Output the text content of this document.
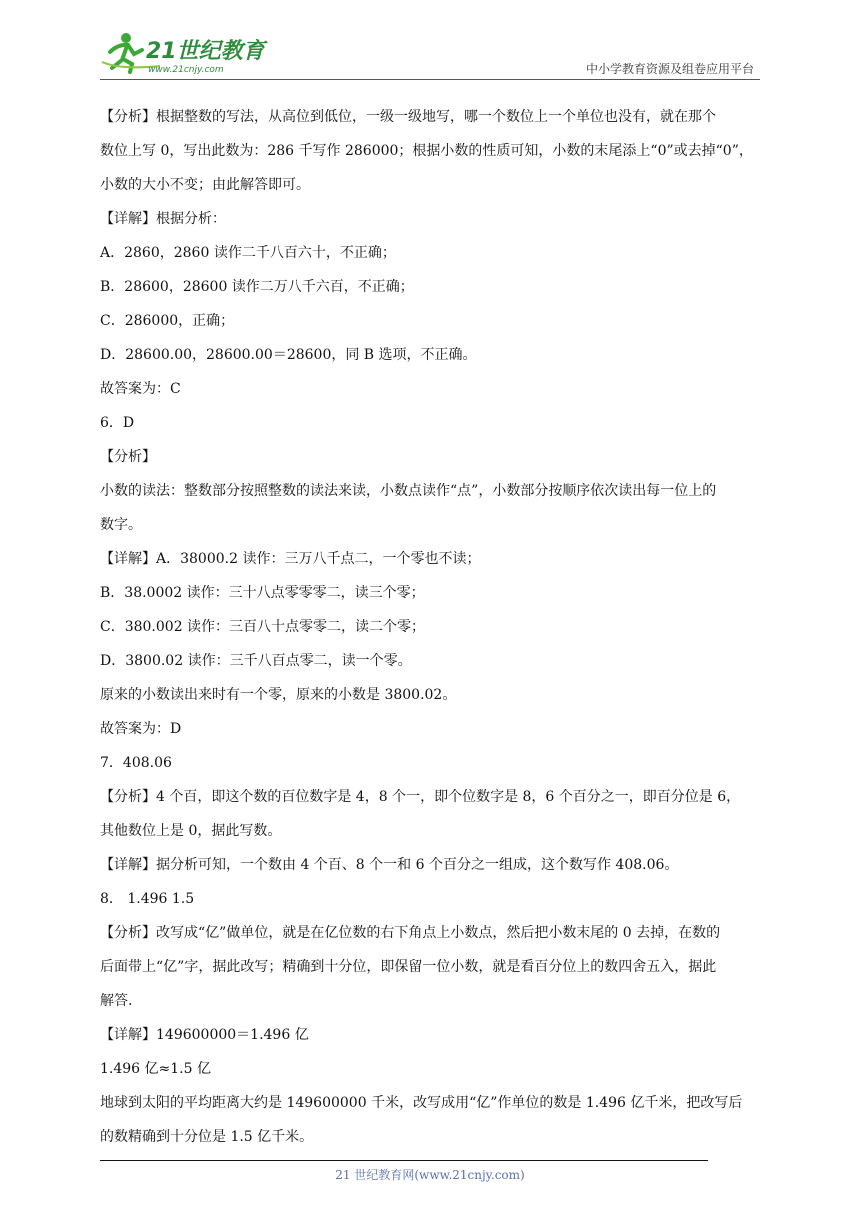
21世纪教育
www.21cnjy.com	中小学教育资源及组卷应用平台
【分析】根据整数的写法，从高位到低位，一级一级地写，哪一个数位上一个单位也没有，就在那个
数位上写 0，写出此数为：286 千写作 286000；根据小数的性质可知，小数的末尾添上“0”或去掉“0”，
小数的大小不变；由此解答即可。
【详解】根据分析：
A．2860，2860 读作二千八百六十，不正确；
B．28600，28600 读作二万八千六百，不正确；
C．286000，正确；
D．28600.00，28600.00＝28600，同 B 选项，不正确。
故答案为：C
6．D
【分析】
小数的读法：整数部分按照整数的读法来读，小数点读作“点”，小数部分按顺序依次读出每一位上的
数字。
【详解】A．38000.2 读作：三万八千点二，一个零也不读；
B．38.0002 读作：三十八点零零零二，读三个零；
C．380.002 读作：三百八十点零零二，读二个零；
D．3800.02 读作：三千八百点零二，读一个零。
原来的小数读出来时有一个零，原来的小数是 3800.02。
故答案为：D
7．408.06
【分析】4 个百，即这个数的百位数字是 4，8 个一，即个位数字是 8，6 个百分之一，即百分位是 6，
其他数位上是 0，据此写数。
【详解】据分析可知，一个数由 4 个百、8 个一和 6 个百分之一组成，这个数写作 408.06。
8． 1.496 1.5
【分析】改写成“亿”做单位，就是在亿位数的右下角点上小数点，然后把小数末尾的 0 去掉，在数的
后面带上“亿”字，据此改写；精确到十分位，即保留一位小数，就是看百分位上的数四舍五入，据此
解答.
【详解】149600000＝1.496 亿
1.496 亿≈1.5 亿
地球到太阳的平均距离大约是 149600000 千米，改写成用“亿”作单位的数是 1.496 亿千米，把改写后
的数精确到十分位是 1.5 亿千米。
21 世纪教育网(www.21cnjy.com)
